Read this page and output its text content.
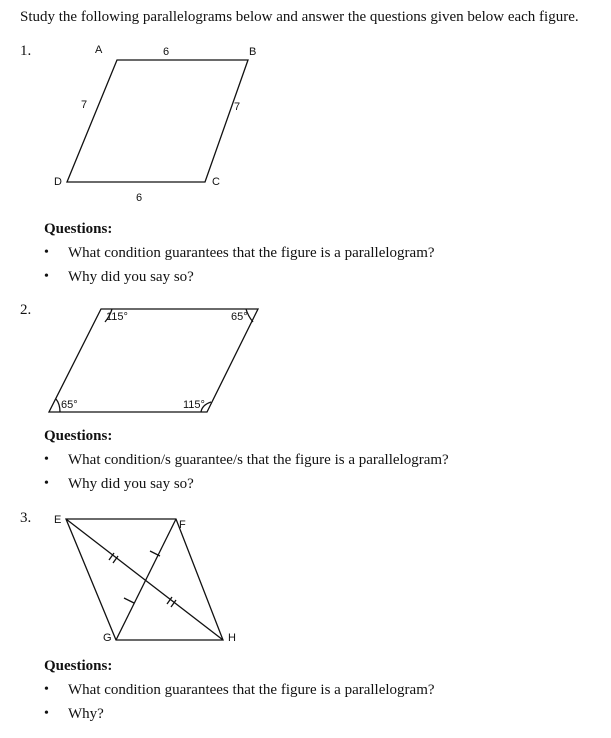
Study the following parallelograms below and answer the questions given below each figure.
1.	A	B
C
D
6
7	7
6
Questions:
• What condition guarantees that the figure is a parallelogram?
• Why did you say so?
2.	115°	65°
65°	115°
Questions:
• What condition/s guarantee/s that the figure is a parallelogram?
• Why did you say so?
3. E	F
G	H
Questions:
• What condition guarantees that the figure is a parallelogram?
• Why?
